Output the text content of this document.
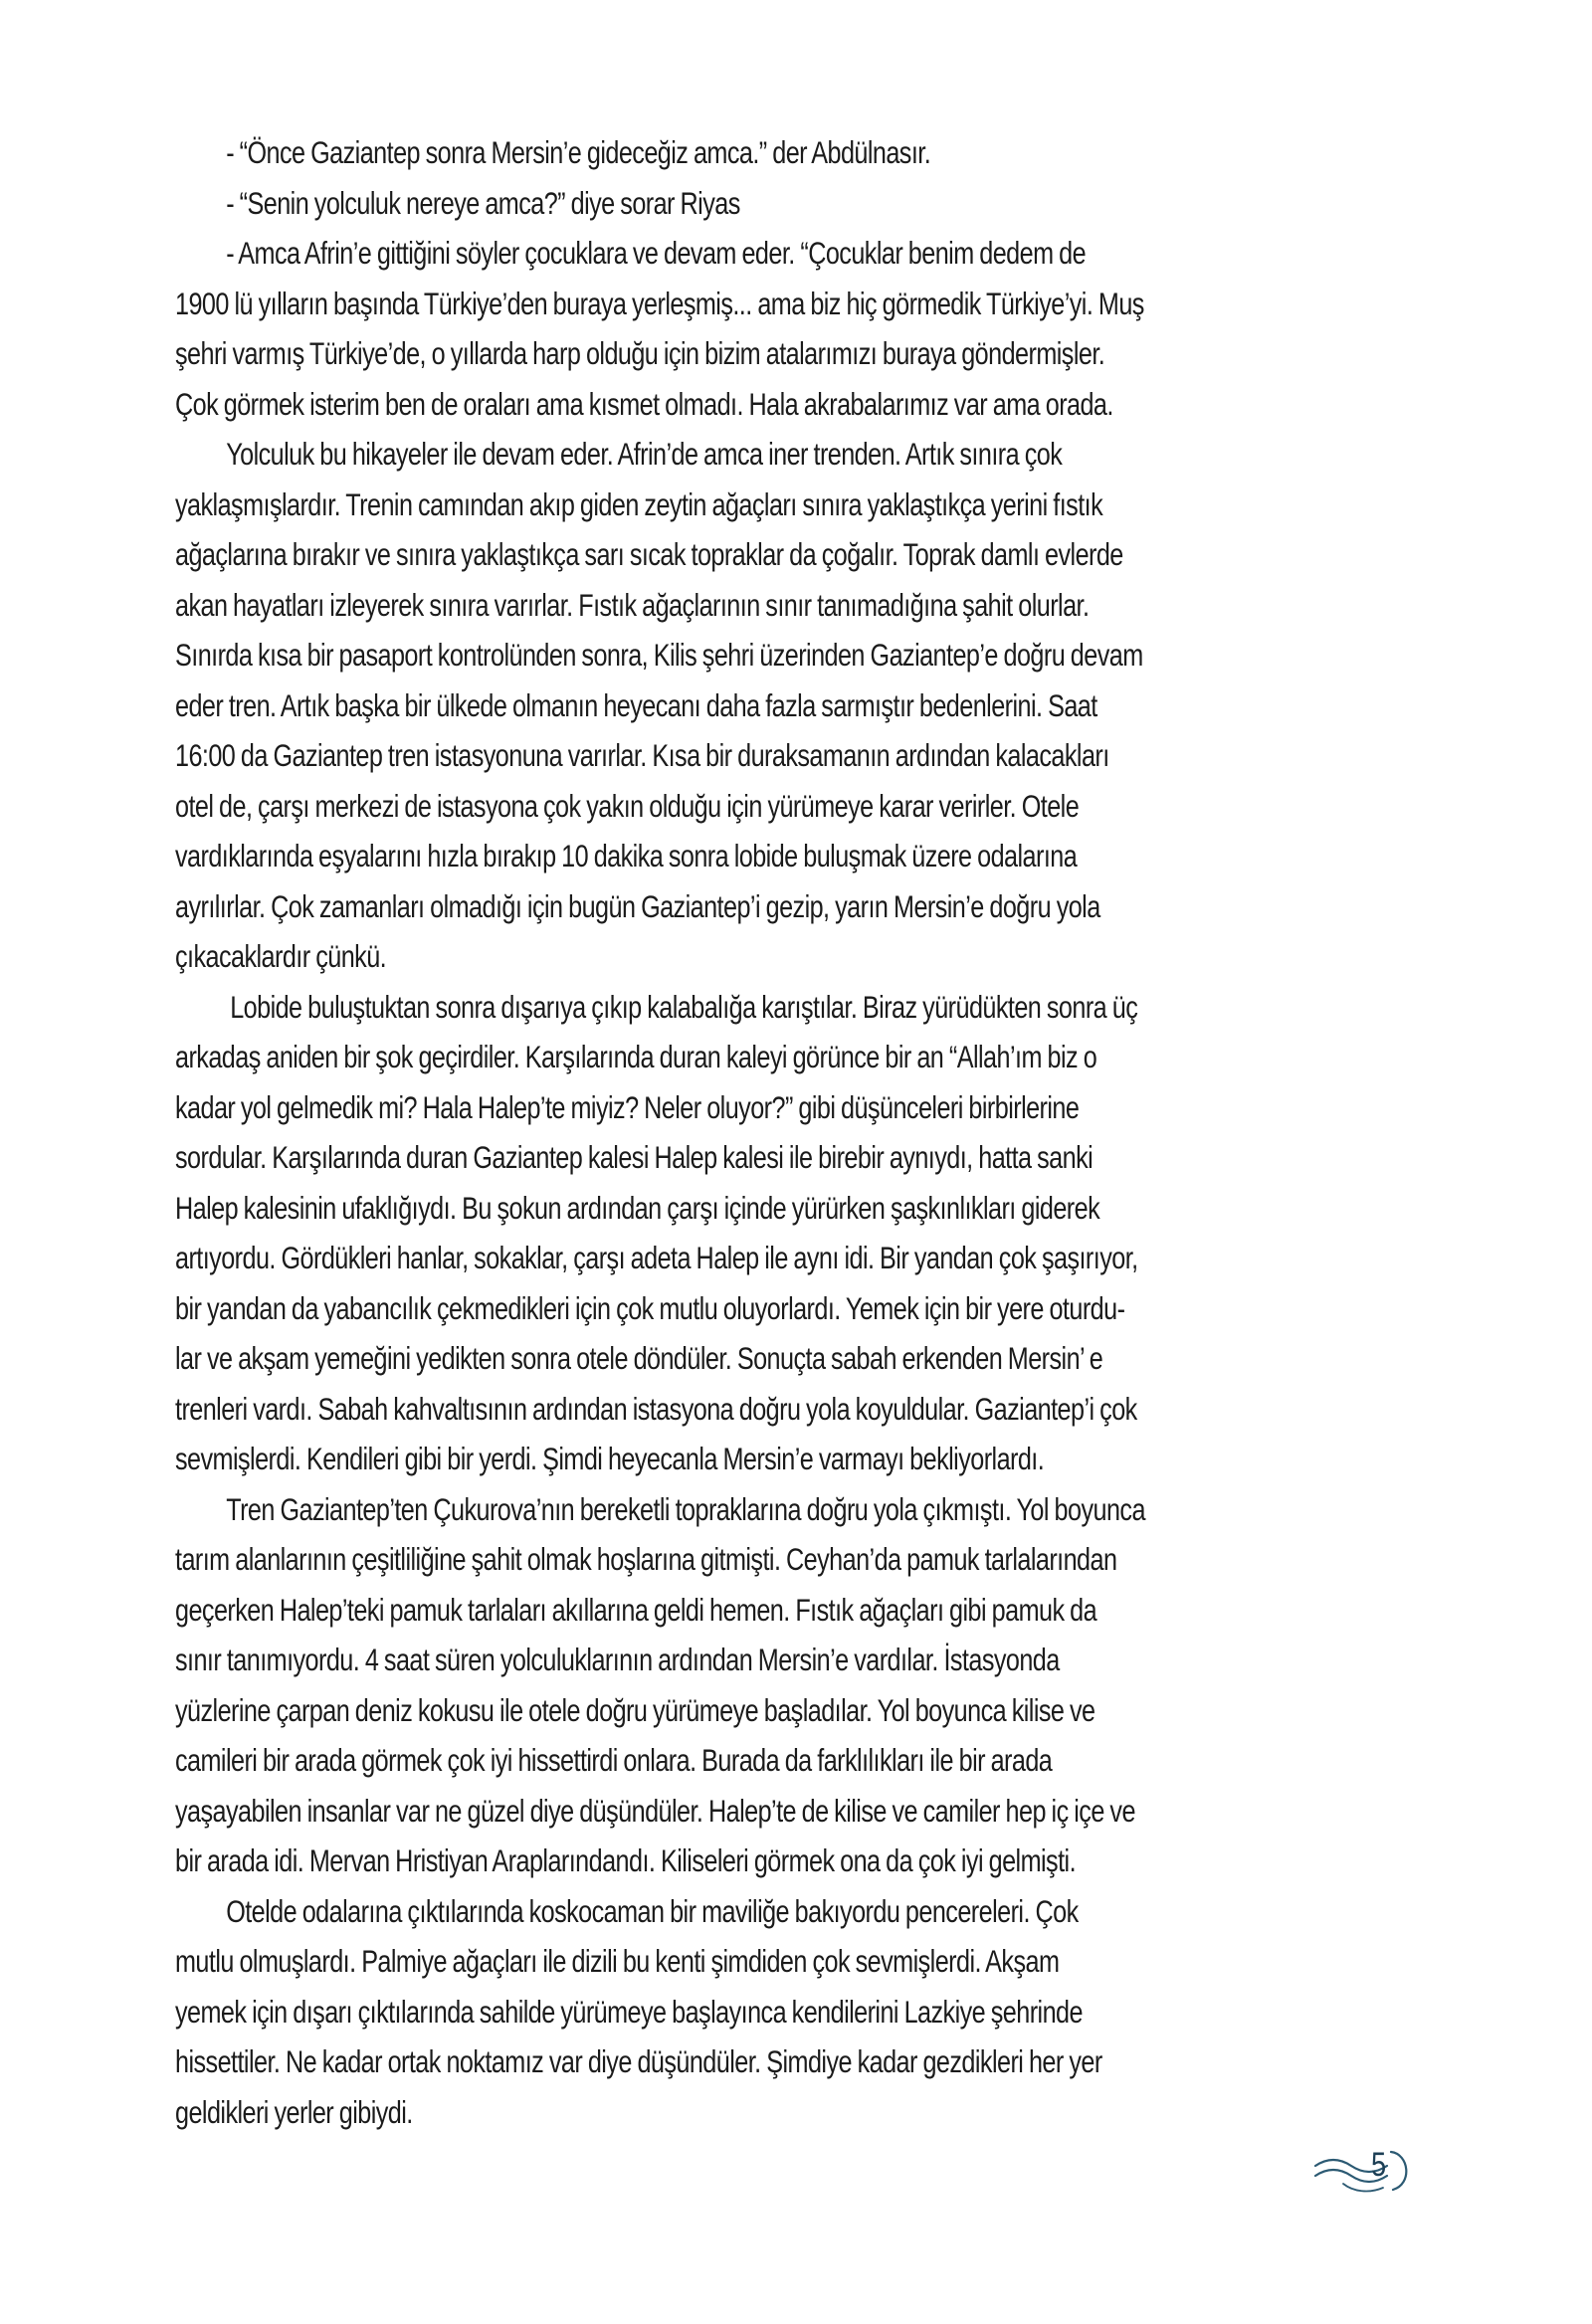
- “Önce Gaziantep sonra Mersin’e gideceğiz amca.” der Abdülnasır.
- “Senin yolculuk nereye amca?” diye sorar Riyas
- Amca Afrin’e gittiğini söyler çocuklara ve devam eder. “Çocuklar benim dedem de
1900 lü yılların başında Türkiye’den buraya yerleşmiş... ama biz hiç görmedik Türkiye’yi. Muş
şehri varmış Türkiye’de, o yıllarda harp olduğu için bizim atalarımızı buraya göndermişler.
Çok görmek isterim ben de oraları ama kısmet olmadı. Hala akrabalarımız var ama orada.
Yolculuk bu hikayeler ile devam eder. Afrin’de amca iner trenden. Artık sınıra çok
yaklaşmışlardır. Trenin camından akıp giden zeytin ağaçları sınıra yaklaştıkça yerini fıstık
ağaçlarına bırakır ve sınıra yaklaştıkça sarı sıcak topraklar da çoğalır. Toprak damlı evlerde
akan hayatları izleyerek sınıra varırlar. Fıstık ağaçlarının sınır tanımadığına şahit olurlar.
Sınırda kısa bir pasaport kontrolünden sonra, Kilis şehri üzerinden Gaziantep’e doğru devam
eder tren. Artık başka bir ülkede olmanın heyecanı daha fazla sarmıştır bedenlerini. Saat
16:00 da Gaziantep tren istasyonuna varırlar. Kısa bir duraksamanın ardından kalacakları
otel de, çarşı merkezi de istasyona çok yakın olduğu için yürümeye karar verirler. Otele
vardıklarında eşyalarını hızla bırakıp 10 dakika sonra lobide buluşmak üzere odalarına
ayrılırlar. Çok zamanları olmadığı için bugün Gaziantep’i gezip, yarın Mersin’e doğru yola
çıkacaklardır çünkü.
Lobide buluştuktan sonra dışarıya çıkıp kalabalığa karıştılar. Biraz yürüdükten sonra üç
arkadaş aniden bir şok geçirdiler. Karşılarında duran kaleyi görünce bir an “Allah’ım biz o
kadar yol gelmedik mi? Hala Halep’te miyiz? Neler oluyor?” gibi düşünceleri birbirlerine
sordular. Karşılarında duran Gaziantep kalesi Halep kalesi ile birebir aynıydı, hatta sanki
Halep kalesinin ufaklığıydı. Bu şokun ardından çarşı içinde yürürken şaşkınlıkları giderek
artıyordu. Gördükleri hanlar, sokaklar, çarşı adeta Halep ile aynı idi. Bir yandan çok şaşırıyor,
bir yandan da yabancılık çekmedikleri için çok mutlu oluyorlardı. Yemek için bir yere oturdu-
lar ve akşam yemeğini yedikten sonra otele döndüler. Sonuçta sabah erkenden Mersin’ e
trenleri vardı. Sabah kahvaltısının ardından istasyona doğru yola koyuldular. Gaziantep’i çok
sevmişlerdi. Kendileri gibi bir yerdi. Şimdi heyecanla Mersin’e varmayı bekliyorlardı.
Tren Gaziantep’ten Çukurova’nın bereketli topraklarına doğru yola çıkmıştı. Yol boyunca
tarım alanlarının çeşitliliğine şahit olmak hoşlarına gitmişti. Ceyhan’da pamuk tarlalarından
geçerken Halep’teki pamuk tarlaları akıllarına geldi hemen. Fıstık ağaçları gibi pamuk da
sınır tanımıyordu. 4 saat süren yolculuklarının ardından Mersin’e vardılar. İstasyonda
yüzlerine çarpan deniz kokusu ile otele doğru yürümeye başladılar. Yol boyunca kilise ve
camileri bir arada görmek çok iyi hissettirdi onlara. Burada da farklılıkları ile bir arada
yaşayabilen insanlar var ne güzel diye düşündüler. Halep’te de kilise ve camiler hep iç içe ve
bir arada idi. Mervan Hristiyan Araplarındandı. Kiliseleri görmek ona da çok iyi gelmişti.
Otelde odalarına çıktılarında koskocaman bir maviliğe bakıyordu pencereleri. Çok
mutlu olmuşlardı. Palmiye ağaçları ile dizili bu kenti şimdiden çok sevmişlerdi. Akşam
yemek için dışarı çıktılarında sahilde yürümeye başlayınca kendilerini Lazkiye şehrinde
hissettiler. Ne kadar ortak noktamız var diye düşündüler. Şimdiye kadar gezdikleri her yer
geldikleri yerler gibiydi.
5
